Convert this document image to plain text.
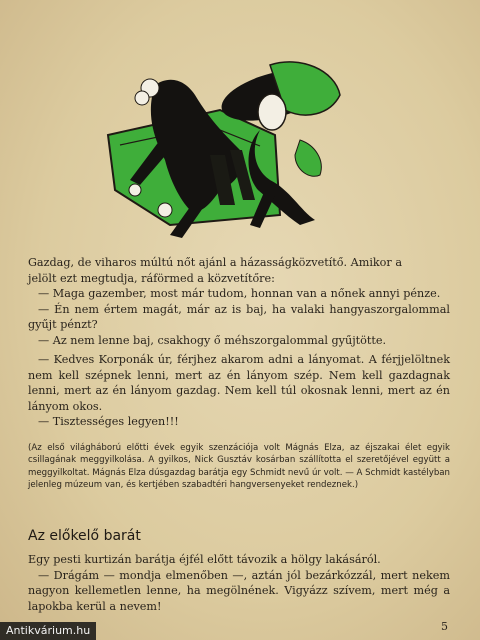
Gazdag, de viharos múltú nőt ajánl a házasságközvetítő. Amikor a

jelölt ezt megtudja, ráförmed a közvetítőre:

— Maga gazember, most már tudom, honnan van a nőnek annyi pénze.

— Én nem értem magát, már az is baj, ha valaki hangyaszorgalommal gyűjt pénzt?

— Az nem lenne baj, csakhogy ő méhszorgalommal gyűjtötte.

— Kedves Korponák úr, férjhez akarom adni a lányomat. A férjjelöltnek nem kell szépnek lenni, mert az én lányom szép. Nem kell gazdagnak lenni, mert az én lányom gazdag. Nem kell túl okosnak lenni, mert az én lányom okos.

— Tisztességes legyen!!!

(Az első világháború előtti évek egyik szenzációja volt Mágnás Elza, az éjszakai élet egyik csillagának meggyilkolása. A gyilkos, Nick Gusztáv kosárban szállította el szeretőjével együtt a meggyilkoltat. Mágnás Elza dúsgazdag barátja egy Schmidt nevű úr volt. — A Schmidt kastélyban jelenleg múzeum van, és kertjében szabadtéri hangversenyeket rendeznek.)
Az előkelő barát

Egy pesti kurtizán barátja éjfél előtt távozik a hölgy lakásáról.

— Drágám — mondja elmenőben —, aztán jól bezárkózzál, mert nekem nagyon kellemetlen lenne, ha megölnének. Vigyázz szívem, mert még a lapokba kerül a nevem!

5
Antikvárium.hu
